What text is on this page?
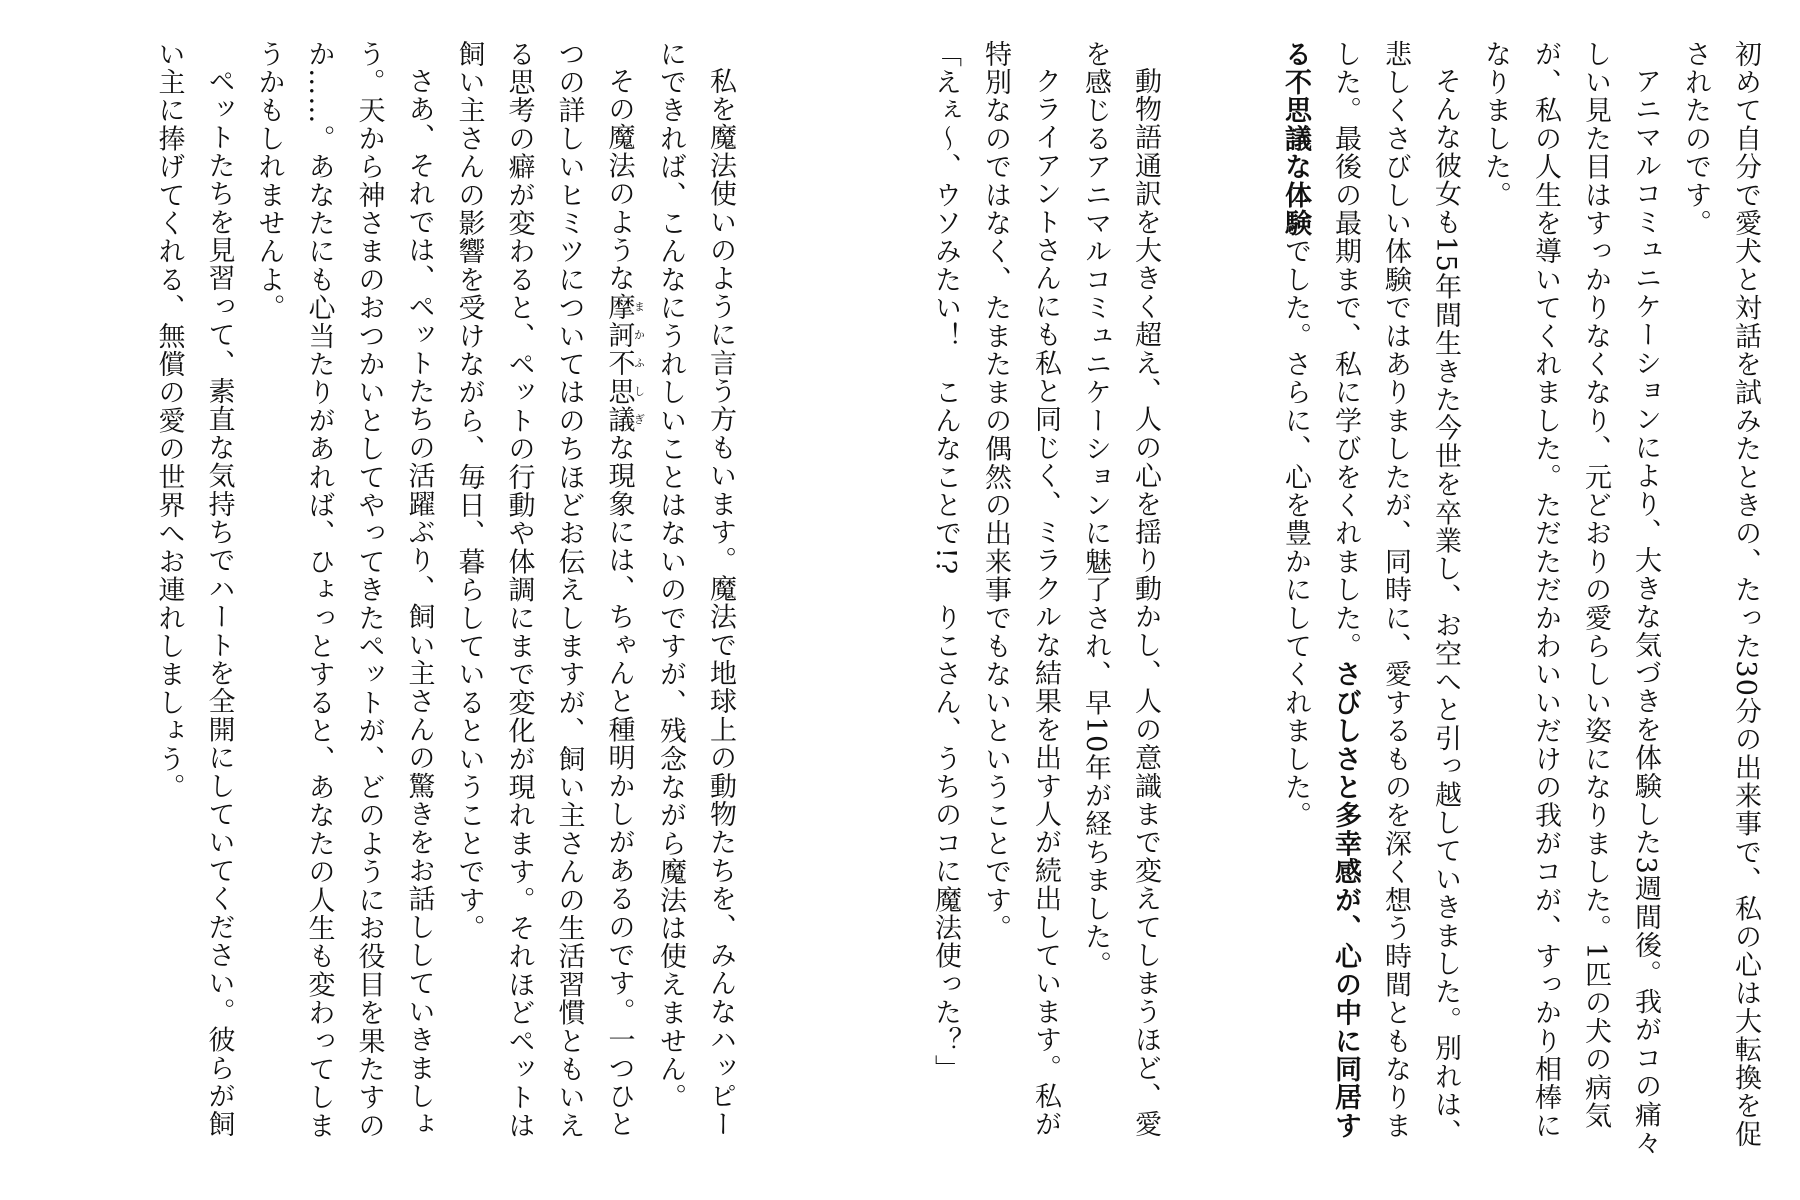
初めて自分で愛犬と対話を試みたときの、たった30分の出来事で、私の心は大転換を促されたのです。

アニマルコミュニケーションにより、大きな気づきを体験した3週間後。我がコの痛々しい見た目はすっかりなくなり、元どおりの愛らしい姿になりました。1匹の犬の病気が、私の人生を導いてくれました。ただただかわいいだけの我がコが、すっかり相棒になりました。

そんな彼女も15年間生きた今世を卒業し、お空へと引っ越していきました。別れは、悲しくさびしい体験ではありましたが、同時に、愛するものを深く想う時間ともなりました。最後の最期まで、私に学びをくれました。さびしさと多幸感が、心の中に同居する不思議な体験でした。さらに、心を豊かにしてくれました。

動物語通訳を大きく超え、人の心を揺り動かし、人の意識まで変えてしまうほど、愛を感じるアニマルコミュニケーションに魅了され、早10年が経ちました。

クライアントさんにも私と同じく、ミラクルな結果を出す人が続出しています。私が特別なのではなく、たまたまの偶然の出来事でもないということです。

「えぇ〜、ウソみたい！　こんなことで!?　りこさん、うちのコに魔法使った？」

私を魔法使いのように言う方もいます。魔法で地球上の動物たちを、みんなハッピーにできれば、こんなにうれしいことはないのですが、残念ながら魔法は使えません。

その魔法のような摩訶不思議まかふしぎな現象には、ちゃんと種明かしがあるのです。一つひとつの詳しいヒミツについてはのちほどお伝えしますが、飼い主さんの生活習慣ともいえる思考の癖が変わると、ペットの行動や体調にまで変化が現れます。それほどペットは飼い主さんの影響を受けながら、毎日、暮らしているということです。

さあ、それでは、ペットたちの活躍ぶり、飼い主さんの驚きをお話ししていきましょう。天から神さまのおつかいとしてやってきたペットが、どのようにお役目を果たすのか……。あなたにも心当たりがあれば、ひょっとすると、あなたの人生も変わってしまうかもしれませんよ。

ペットたちを見習って、素直な気持ちでハートを全開にしていてください。彼らが飼い主に捧げてくれる、無償の愛の世界へお連れしましょう。
